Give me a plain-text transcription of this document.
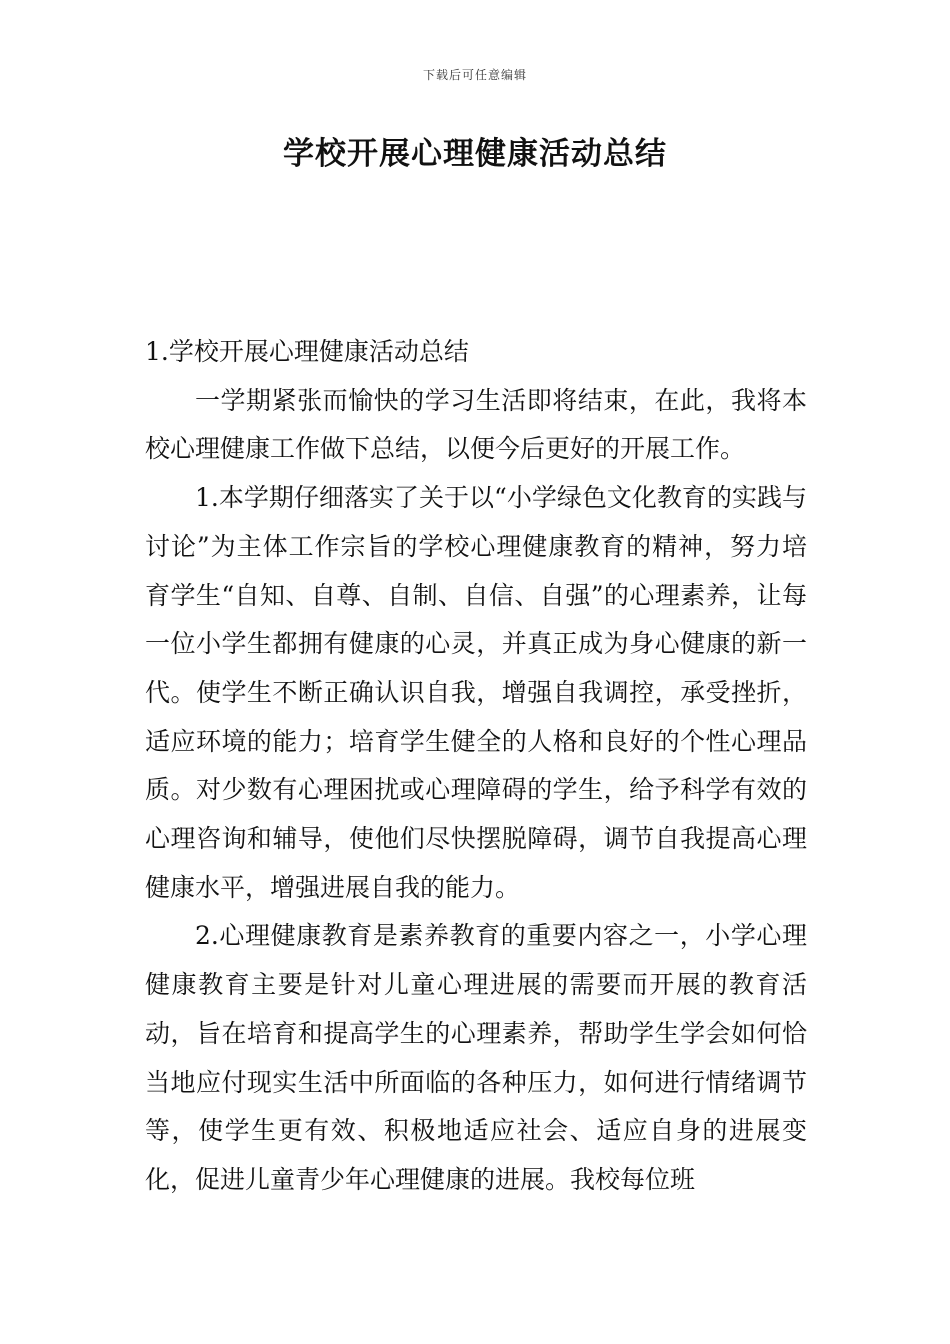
下载后可任意编辑
学校开展心理健康活动总结

1.学校开展心理健康活动总结

一学期紧张而愉快的学习生活即将结束，在此，我将本校心理健康工作做下总结，以便今后更好的开展工作。

1.本学期仔细落实了关于以“小学绿色文化教育的实践与讨论”为主体工作宗旨的学校心理健康教育的精神，努力培育学生“自知、自尊、自制、自信、自强”的心理素养，让每一位小学生都拥有健康的心灵，并真正成为身心健康的新一代。使学生不断正确认识自我，增强自我调控，承受挫折，适应环境的能力；培育学生健全的人格和良好的个性心理品质。对少数有心理困扰或心理障碍的学生，给予科学有效的心理咨询和辅导，使他们尽快摆脱障碍，调节自我提高心理健康水平，增强进展自我的能力。

2.心理健康教育是素养教育的重要内容之一，小学心理健康教育主要是针对儿童心理进展的需要而开展的教育活动，旨在培育和提高学生的心理素养，帮助学生学会如何恰当地应付现实生活中所面临的各种压力，如何进行情绪调节等，使学生更有效、积极地适应社会、适应自身的进展变化，促进儿童青少年心理健康的进展。我校每位班
